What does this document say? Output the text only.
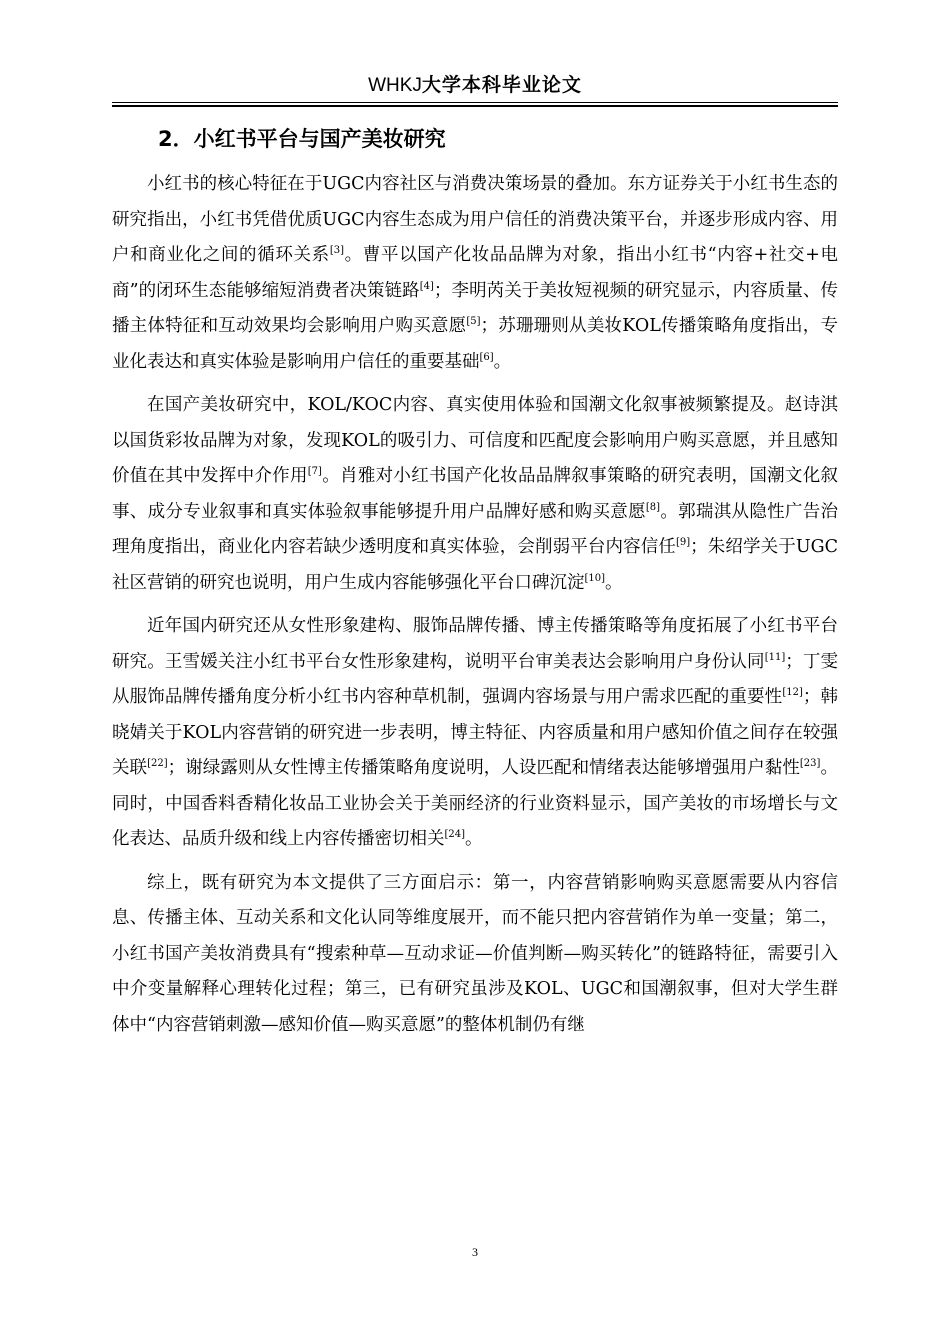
WHKJ大学本科毕业论文
2．小红书平台与国产美妆研究

小红书的核心特征在于UGC内容社区与消费决策场景的叠加。东方证券关于小红书生态的研究指出，小红书凭借优质UGC内容生态成为用户信任的消费决策平台，并逐步形成内容、用户和商业化之间的循环关系[3]。曹平以国产化妆品品牌为对象，指出小红书“内容+社交+电商”的闭环生态能够缩短消费者决策链路[4]；李明芮关于美妆短视频的研究显示，内容质量、传播主体特征和互动效果均会影响用户购买意愿[5]；苏珊珊则从美妆KOL传播策略角度指出，专业化表达和真实体验是影响用户信任的重要基础[6]。

在国产美妆研究中，KOL/KOC内容、真实使用体验和国潮文化叙事被频繁提及。赵诗淇以国货彩妆品牌为对象，发现KOL的吸引力、可信度和匹配度会影响用户购买意愿，并且感知价值在其中发挥中介作用[7]。肖雅对小红书国产化妆品品牌叙事策略的研究表明，国潮文化叙事、成分专业叙事和真实体验叙事能够提升用户品牌好感和购买意愿[8]。郭瑞淇从隐性广告治理角度指出，商业化内容若缺少透明度和真实体验，会削弱平台内容信任[9]；朱绍学关于UGC社区营销的研究也说明，用户生成内容能够强化平台口碑沉淀[10]。

近年国内研究还从女性形象建构、服饰品牌传播、博主传播策略等角度拓展了小红书平台研究。王雪媛关注小红书平台女性形象建构，说明平台审美表达会影响用户身份认同[11]；丁雯从服饰品牌传播角度分析小红书内容种草机制，强调内容场景与用户需求匹配的重要性[12]；韩晓婧关于KOL内容营销的研究进一步表明，博主特征、内容质量和用户感知价值之间存在较强关联[22]；谢绿露则从女性博主传播策略角度说明，人设匹配和情绪表达能够增强用户黏性[23]。同时，中国香料香精化妆品工业协会关于美丽经济的行业资料显示，国产美妆的市场增长与文化表达、品质升级和线上内容传播密切相关[24]。

综上，既有研究为本文提供了三方面启示：第一，内容营销影响购买意愿需要从内容信息、传播主体、互动关系和文化认同等维度展开，而不能只把内容营销作为单一变量；第二，小红书国产美妆消费具有“搜索种草—互动求证—价值判断—购买转化”的链路特征，需要引入中介变量解释心理转化过程；第三，已有研究虽涉及KOL、UGC和国潮叙事，但对大学生群体中“内容营销刺激—感知价值—购买意愿”的整体机制仍有继

3
